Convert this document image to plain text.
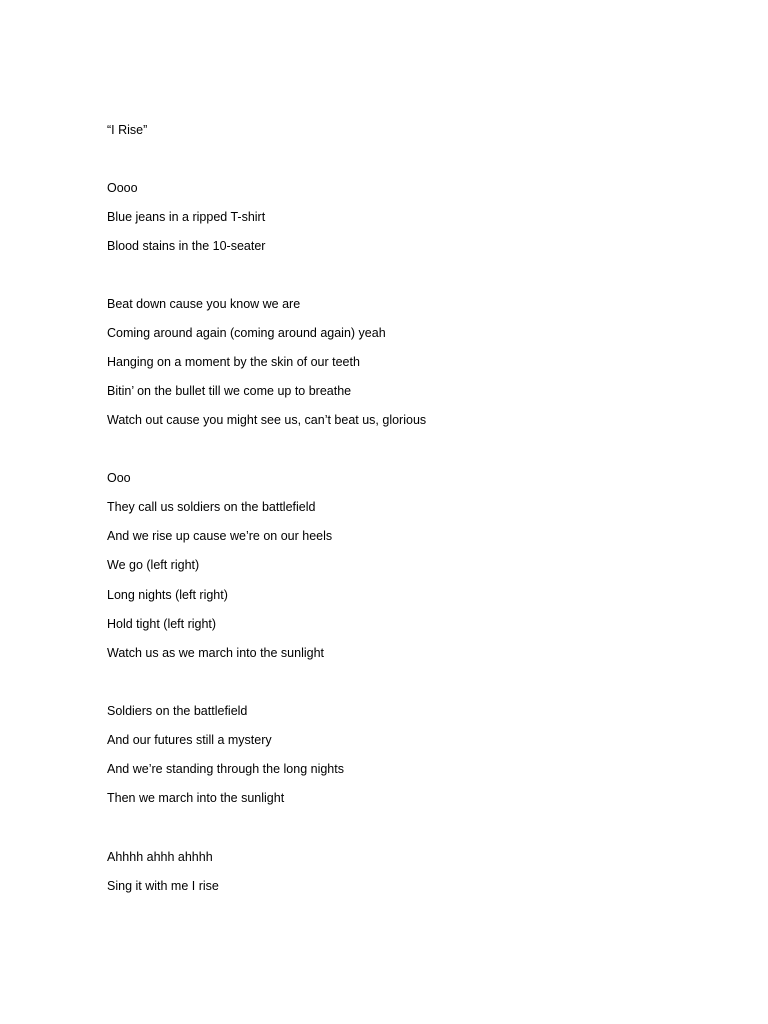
“I Rise”

Oooo

Blue jeans in a ripped T-shirt

Blood stains in the 10-seater

Beat down cause you know we are

Coming around again (coming around again) yeah

Hanging on a moment by the skin of our teeth

Bitin’ on the bullet till we come up to breathe

Watch out cause you might see us, can’t beat us, glorious

Ooo

They call us soldiers on the battlefield

And we rise up cause we’re on our heels

We go (left right)

Long nights (left right)

Hold tight (left right)

Watch us as we march into the sunlight

Soldiers on the battlefield

And our futures still a mystery

And we’re standing through the long nights

Then we march into the sunlight

Ahhhh ahhh ahhhh

Sing it with me I rise
